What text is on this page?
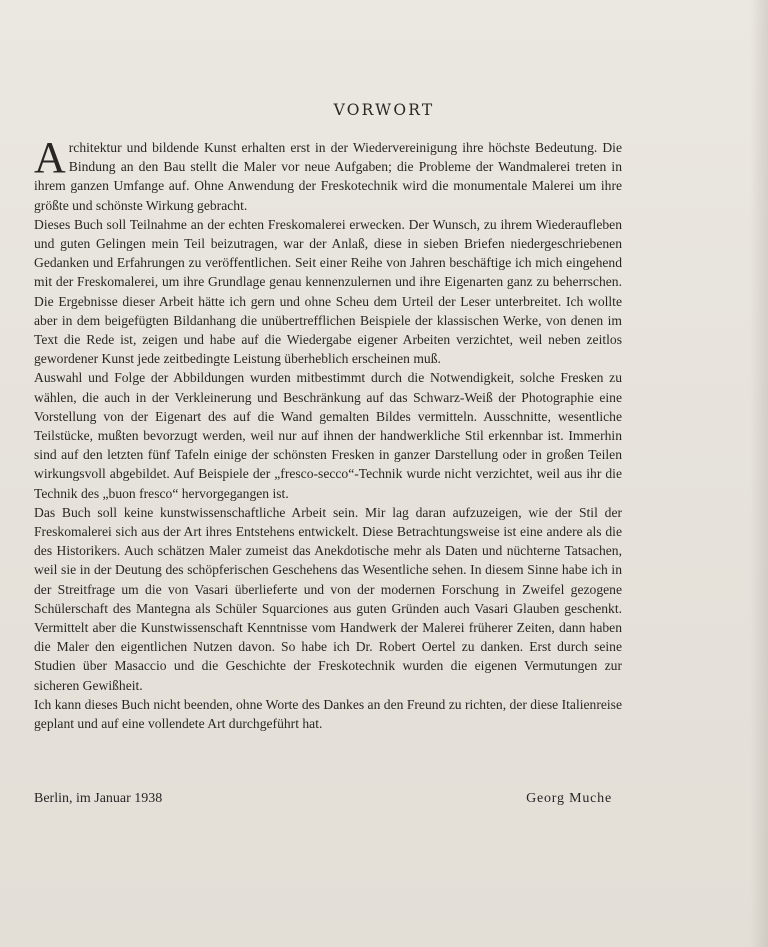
VORWORT

Architektur und bildende Kunst erhalten erst in der Wiedervereinigung ihre höchste Bedeutung. Die Bindung an den Bau stellt die Maler vor neue Aufgaben; die Probleme der Wandmalerei treten in ihrem ganzen Umfange auf. Ohne Anwendung der Freskotechnik wird die monumentale Malerei um ihre größte und schönste Wirkung gebracht.

Dieses Buch soll Teilnahme an der echten Freskomalerei erwecken. Der Wunsch, zu ihrem Wiederaufleben und guten Gelingen mein Teil beizutragen, war der Anlaß, diese in sieben Briefen niedergeschriebenen Gedanken und Erfahrungen zu veröffentlichen. Seit einer Reihe von Jahren beschäftige ich mich eingehend mit der Freskomalerei, um ihre Grundlage genau kennenzulernen und ihre Eigenarten ganz zu beherrschen. Die Ergebnisse dieser Arbeit hätte ich gern und ohne Scheu dem Urteil der Leser unterbreitet. Ich wollte aber in dem beigefügten Bildanhang die unübertrefflichen Beispiele der klassischen Werke, von denen im Text die Rede ist, zeigen und habe auf die Wiedergabe eigener Arbeiten verzichtet, weil neben zeitlos gewordener Kunst jede zeitbedingte Leistung überheblich erscheinen muß.

Auswahl und Folge der Abbildungen wurden mitbestimmt durch die Notwendigkeit, solche Fresken zu wählen, die auch in der Verkleinerung und Beschränkung auf das Schwarz-Weiß der Photographie eine Vorstellung von der Eigenart des auf die Wand gemalten Bildes vermitteln. Ausschnitte, wesentliche Teilstücke, mußten bevorzugt werden, weil nur auf ihnen der handwerkliche Stil erkennbar ist. Immerhin sind auf den letzten fünf Tafeln einige der schönsten Fresken in ganzer Darstellung oder in großen Teilen wirkungsvoll abgebildet. Auf Beispiele der „fresco-secco“-Technik wurde nicht verzichtet, weil aus ihr die Technik des „buon fresco“ hervorgegangen ist.

Das Buch soll keine kunstwissenschaftliche Arbeit sein. Mir lag daran aufzuzeigen, wie der Stil der Freskomalerei sich aus der Art ihres Entstehens entwickelt. Diese Betrachtungsweise ist eine andere als die des Historikers. Auch schätzen Maler zumeist das Anekdotische mehr als Daten und nüchterne Tatsachen, weil sie in der Deutung des schöpferischen Geschehens das Wesentliche sehen. In diesem Sinne habe ich in der Streitfrage um die von Vasari überlieferte und von der modernen Forschung in Zweifel gezogene Schülerschaft des Mantegna als Schüler Squarciones aus guten Gründen auch Vasari Glauben geschenkt. Vermittelt aber die Kunstwissenschaft Kenntnisse vom Handwerk der Malerei früherer Zeiten, dann haben die Maler den eigentlichen Nutzen davon. So habe ich Dr. Robert Oertel zu danken. Erst durch seine Studien über Masaccio und die Geschichte der Freskotechnik wurden die eigenen Vermutungen zur sicheren Gewißheit.

Ich kann dieses Buch nicht beenden, ohne Worte des Dankes an den Freund zu richten, der diese Italienreise geplant und auf eine vollendete Art durchgeführt hat.

Berlin, im Januar 1938	Georg Muche
